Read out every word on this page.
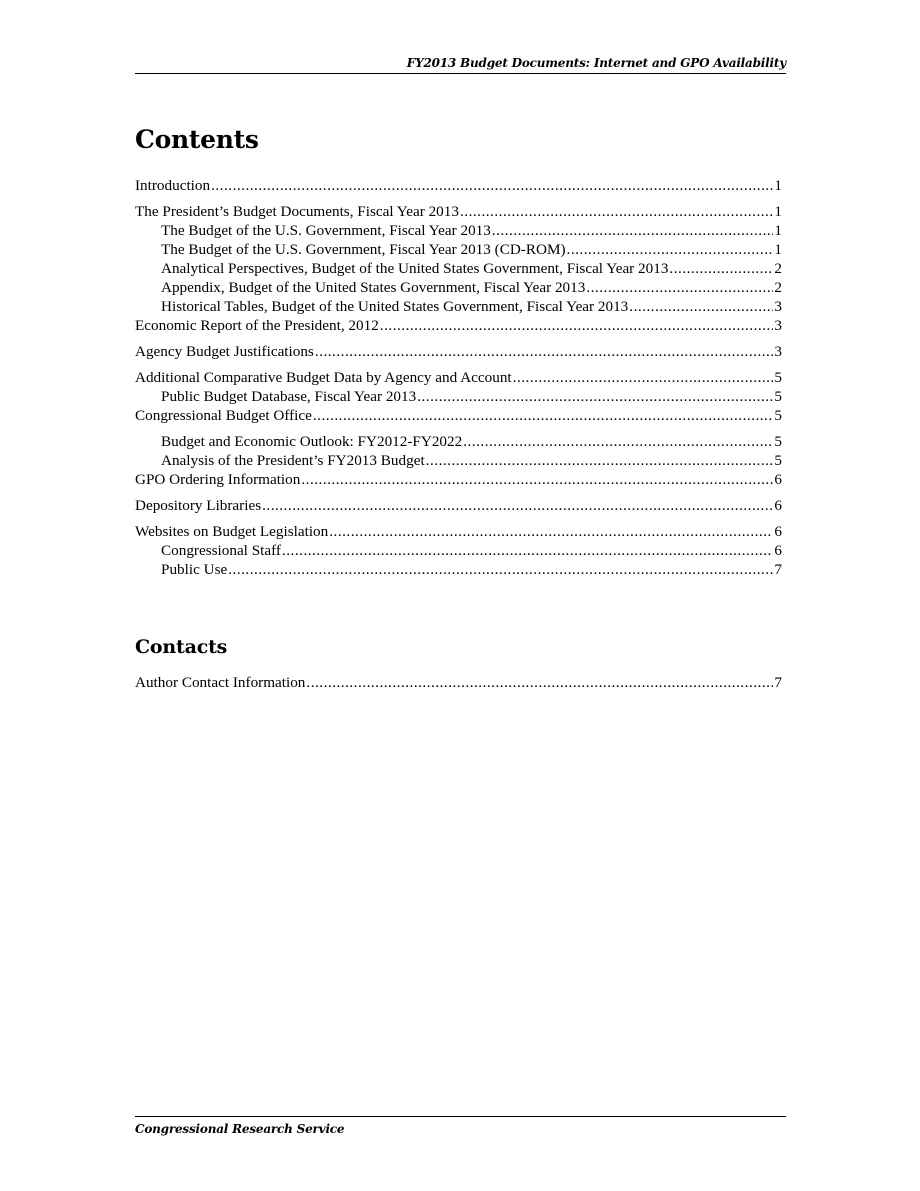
FY2013 Budget Documents: Internet and GPO Availability
Contents
Introduction .....	1
The President’s Budget Documents, Fiscal Year 2013 .....	1
The Budget of the U.S. Government, Fiscal Year 2013 .....	1
The Budget of the U.S. Government, Fiscal Year 2013 (CD-ROM) .....	1
Analytical Perspectives, Budget of the United States Government, Fiscal Year 2013 .....	2
Appendix, Budget of the United States Government, Fiscal Year 2013 .....	2
Historical Tables, Budget of the United States Government, Fiscal Year 2013 .....	3
Economic Report of the President, 2012 .....	3
Agency Budget Justifications .....	3
Additional Comparative Budget Data by Agency and Account .....	5
Public Budget Database, Fiscal Year 2013 .....	5
Congressional Budget Office .....	5
Budget and Economic Outlook: FY2012-FY2022 .....	5
Analysis of the President’s FY2013 Budget .....	5
GPO Ordering Information .....	6
Depository Libraries .....	6
Websites on Budget Legislation .....	6
Congressional Staff .....	6
Public Use .....	7
Contacts
Author Contact Information .....	7
Congressional Research Service
